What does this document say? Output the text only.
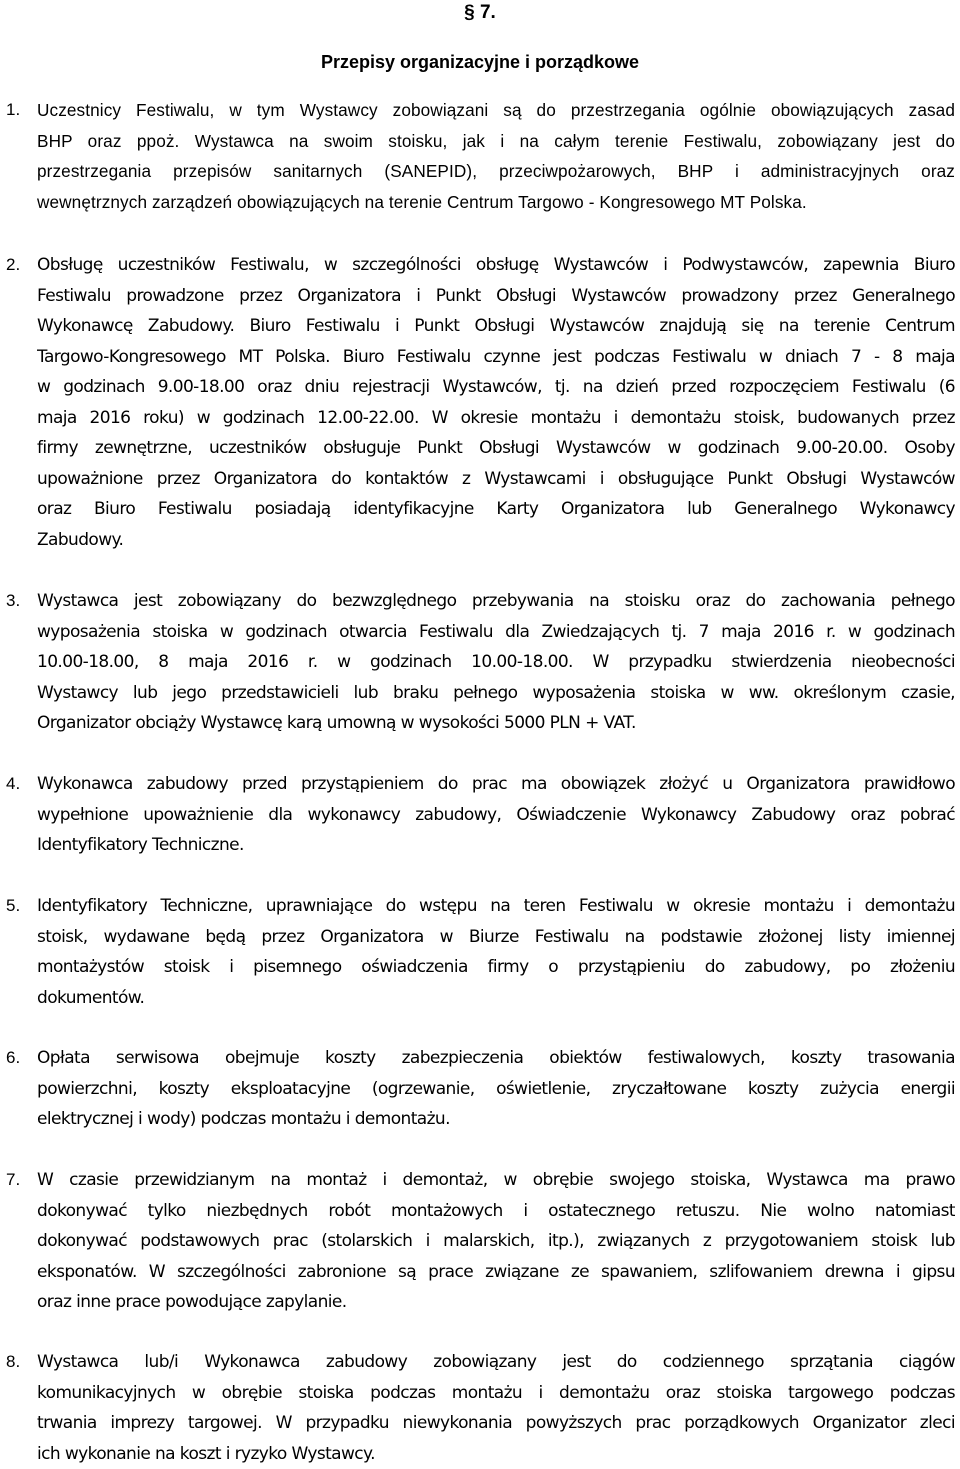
§ 7.
Przepisy organizacyjne i porządkowe
1. Uczestnicy Festiwalu, w tym Wystawcy zobowiązani są do przestrzegania ogólnie obowiązujących zasad
BHP oraz ppoż. Wystawca na swoim stoisku, jak i na całym terenie Festiwalu, zobowiązany jest do
przestrzegania przepisów sanitarnych (SANEPID), przeciwpożarowych, BHP i administracyjnych oraz
wewnętrznych zarządzeń obowiązujących na terenie Centrum Targowo - Kongresowego MT Polska.
2. Obsługę uczestników Festiwalu, w szczególności obsługę Wystawców i Podwystawców, zapewnia Biuro
Festiwalu prowadzone przez Organizatora i Punkt Obsługi Wystawców prowadzony przez Generalnego
Wykonawcę Zabudowy. Biuro Festiwalu i Punkt Obsługi Wystawców znajdują się na terenie Centrum
Targowo-Kongresowego MT Polska. Biuro Festiwalu czynne jest podczas Festiwalu w dniach 7 - 8 maja
w godzinach 9.00-18.00 oraz dniu rejestracji Wystawców, tj. na dzień przed rozpoczęciem Festiwalu (6
maja 2016 roku) w godzinach 12.00-22.00. W okresie montażu i demontażu stoisk, budowanych przez
firmy zewnętrzne, uczestników obsługuje Punkt Obsługi Wystawców w godzinach 9.00-20.00. Osoby
upoważnione przez Organizatora do kontaktów z Wystawcami i obsługujące Punkt Obsługi Wystawców
oraz Biuro Festiwalu posiadają identyfikacyjne Karty Organizatora lub Generalnego Wykonawcy
Zabudowy.
3. Wystawca jest zobowiązany do bezwzględnego przebywania na stoisku oraz do zachowania pełnego
wyposażenia stoiska w godzinach otwarcia Festiwalu dla Zwiedzających tj. 7 maja 2016 r. w godzinach
10.00-18.00, 8 maja 2016 r. w godzinach 10.00-18.00. W przypadku stwierdzenia nieobecności
Wystawcy lub jego przedstawicieli lub braku pełnego wyposażenia stoiska w ww. określonym czasie,
Organizator obciąży Wystawcę karą umowną w wysokości 5000 PLN + VAT.
4. Wykonawca zabudowy przed przystąpieniem do prac ma obowiązek złożyć u Organizatora prawidłowo
wypełnione upoważnienie dla wykonawcy zabudowy, Oświadczenie Wykonawcy Zabudowy oraz pobrać
Identyfikatory Techniczne.
5. Identyfikatory Techniczne, uprawniające do wstępu na teren Festiwalu w okresie montażu i demontażu
stoisk, wydawane będą przez Organizatora w Biurze Festiwalu na podstawie złożonej listy imiennej
montażystów stoisk i pisemnego oświadczenia firmy o przystąpieniu do zabudowy, po złożeniu
dokumentów.
6. Opłata serwisowa obejmuje koszty zabezpieczenia obiektów festiwalowych, koszty trasowania
powierzchni, koszty eksploatacyjne (ogrzewanie, oświetlenie, zryczałtowane koszty zużycia energii
elektrycznej i wody) podczas montażu i demontażu.
7. W czasie przewidzianym na montaż i demontaż, w obrębie swojego stoiska, Wystawca ma prawo
dokonywać tylko niezbędnych robót montażowych i ostatecznego retuszu. Nie wolno natomiast
dokonywać podstawowych prac (stolarskich i malarskich, itp.), związanych z przygotowaniem stoisk lub
eksponatów. W szczególności zabronione są prace związane ze spawaniem, szlifowaniem drewna i gipsu
oraz inne prace powodujące zapylanie.
8. Wystawca lub/i Wykonawca zabudowy zobowiązany jest do codziennego sprzątania ciągów
komunikacyjnych w obrębie stoiska podczas montażu i demontażu oraz stoiska targowego podczas
trwania imprezy targowej. W przypadku niewykonania powyższych prac porządkowych Organizator zleci
ich wykonanie na koszt i ryzyko Wystawcy.
